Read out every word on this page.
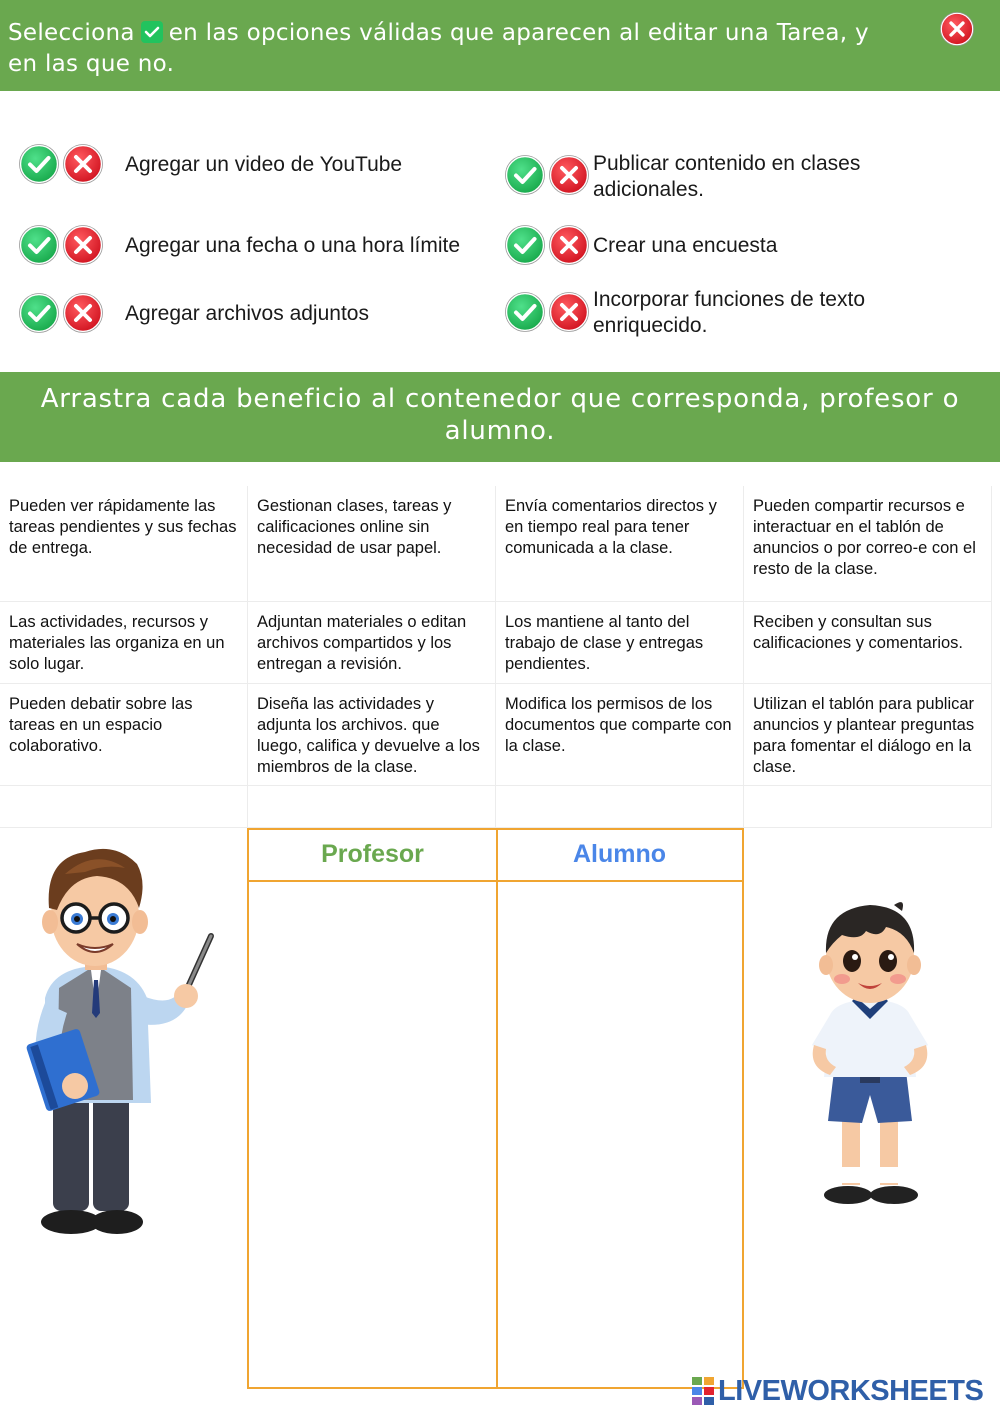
Selecciona en las opciones válidas que aparecen al editar una Tarea, y
en las que no.
Agregar un video de YouTube
Agregar una fecha o una hora límite
Agregar archivos adjuntos
Publicar contenido en clases adicionales.
Crear una encuesta
Incorporar funciones de texto enriquecido.
Arrastra cada beneficio al contenedor que corresponda, profesor o alumno.
Pueden ver rápidamente las tareas pendientes y sus fechas de entrega.
Gestionan clases, tareas y calificaciones online sin necesidad de usar papel.
Envía comentarios directos y en tiempo real para tener comunicada a la clase.
Pueden compartir recursos e interactuar en el tablón de anuncios o por correo-e con el resto de la clase.
Las actividades, recursos y materiales las organiza en un solo lugar.
Adjuntan materiales o editan archivos compartidos y los entregan a revisión.
Los mantiene al tanto del trabajo de clase y entregas pendientes.
Reciben y consultan sus calificaciones y comentarios.
Pueden debatir sobre las tareas en un espacio colaborativo.
Diseña las actividades y adjunta los archivos. que luego, califica y devuelve a los miembros de la clase.
Modifica los permisos de los documentos que comparte con la clase.
Utilizan el tablón para publicar anuncios y plantear preguntas para fomentar el diálogo en la clase.
Profesor	Alumno
LIVEWORKSHEETS
